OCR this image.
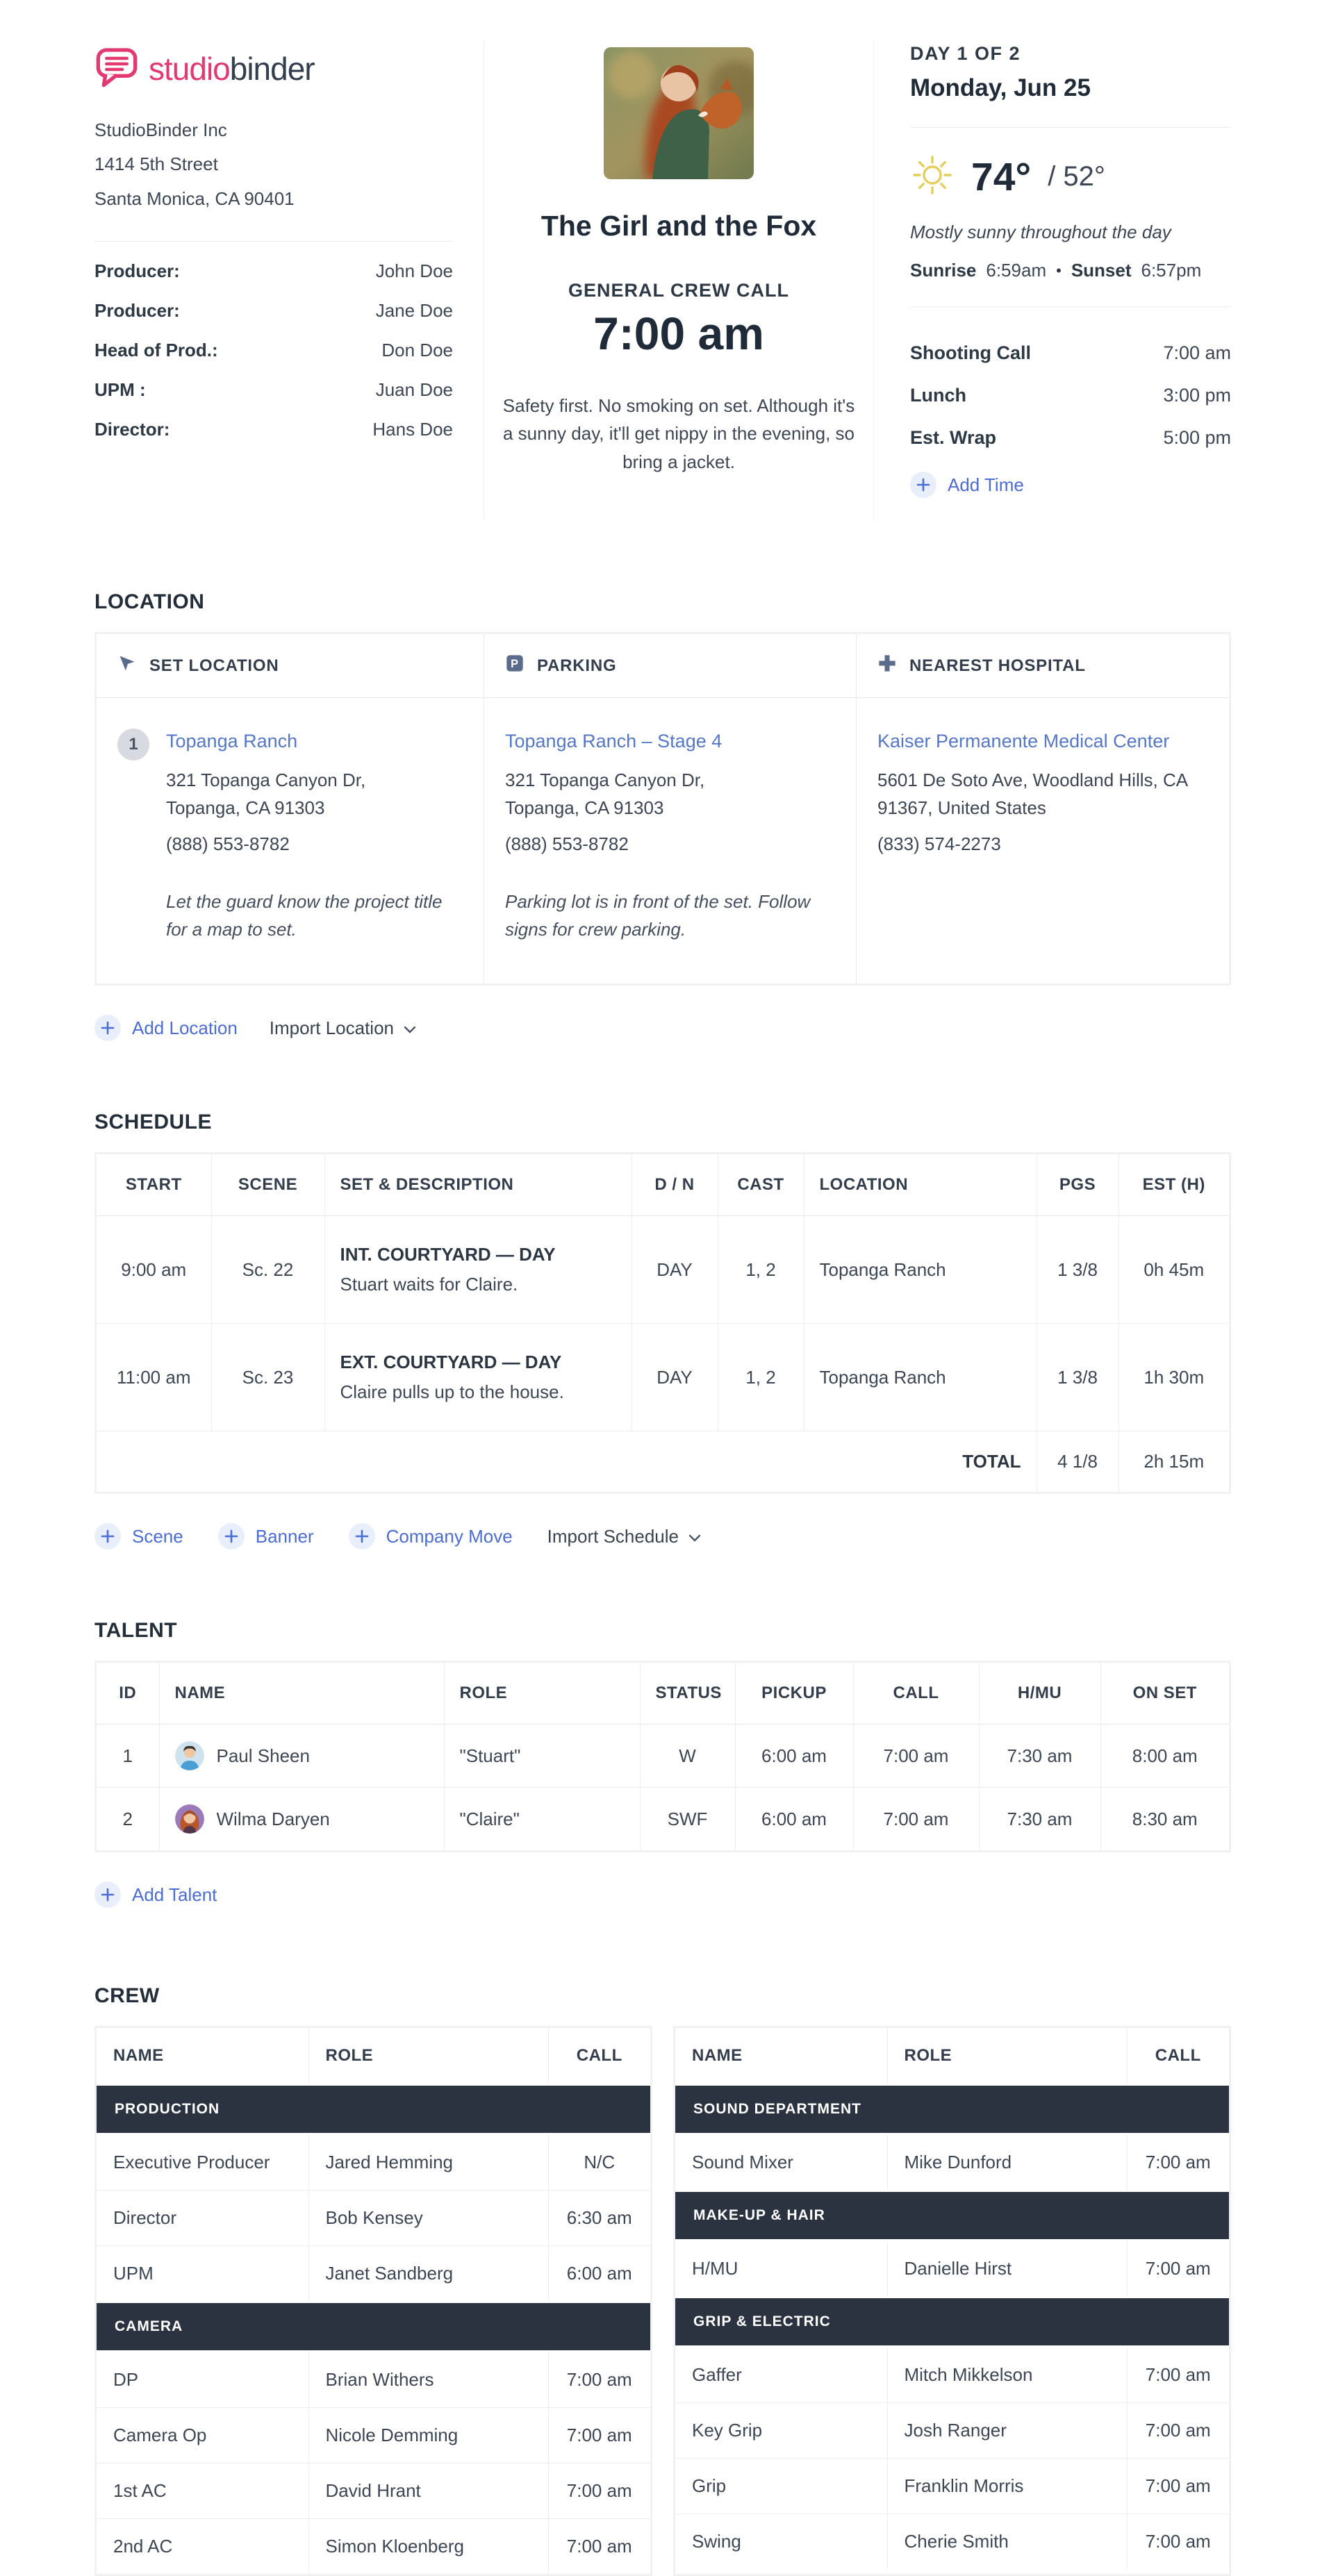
studiobinder
StudioBinder Inc
1414 5th Street
Santa Monica, CA 90401
Producer:	John Doe
Producer:	Jane Doe
Head of Prod.:	Don Doe
UPM :	Juan Doe
Director:	Hans Doe
The Girl and the Fox
GENERAL CREW CALL
7:00 am
Safety first. No smoking on set. Although it's a sunny day, it'll get nippy in the evening, so bring a jacket.
DAY 1 OF 2
Monday, Jun 25
74° / 52°
Mostly sunny throughout the day
Sunrise 6:59am • Sunset 6:57pm
Shooting Call	7:00 am
Lunch	3:00 pm
Est. Wrap	5:00 pm
Add Time
LOCATION
SET LOCATION
1	Topanga Ranch
321 Topanga Canyon Dr,
Topanga, CA 91303
(888) 553-8782
Let the guard know the project title for a map to set.
P PARKING
Topanga Ranch – Stage 4
321 Topanga Canyon Dr,
Topanga, CA 91303
(888) 553-8782
Parking lot is in front of the set. Follow signs for crew parking.
NEAREST HOSPITAL
Kaiser Permanente Medical Center
5601 De Soto Ave, Woodland Hills, CA
91367, United States
(833) 574-2273
Add Location Import Location
SCHEDULE
START	SCENE	SET & DESCRIPTION	D / N	CAST	LOCATION	PGS	EST (H)
9:00 am	Sc. 22	INT. COURTYARD — DAY
Stuart waits for Claire.	DAY	1, 2	Topanga Ranch	1 3/8	0h 45m
11:00 am	Sc. 23	EXT. COURTYARD — DAY
Claire pulls up to the house.	DAY	1, 2	Topanga Ranch	1 3/8	1h 30m
TOTAL						4 1/8	2h 15m
Scene	Banner	Company Move Import Schedule
TALENT
ID	NAME	ROLE	STATUS	PICKUP	CALL	H/MU	ON SET
1	Paul Sheen	"Stuart"	W	6:00 am	7:00 am	7:30 am	8:00 am
2	Wilma Daryen	"Claire"	SWF	6:00 am	7:00 am	7:30 am	8:30 am
Add Talent
CREW
NAME	ROLE	CALL
PRODUCTION		
Executive Producer	Jared Hemming	N/C
Director	Bob Kensey	6:30 am
UPM	Janet Sandberg	6:00 am
CAMERA		
DP	Brian Withers	7:00 am
Camera Op	Nicole Demming	7:00 am
1st AC	David Hrant	7:00 am
2nd AC	Simon Kloenberg	7:00 am
NAME	ROLE	CALL
SOUND DEPARTMENT		
Sound Mixer	Mike Dunford	7:00 am
MAKE-UP & HAIR		
H/MU	Danielle Hirst	7:00 am
GRIP & ELECTRIC		
Gaffer	Mitch Mikkelson	7:00 am
Key Grip	Josh Ranger	7:00 am
Grip	Franklin Morris	7:00 am
Swing	Cherie Smith	7:00 am
